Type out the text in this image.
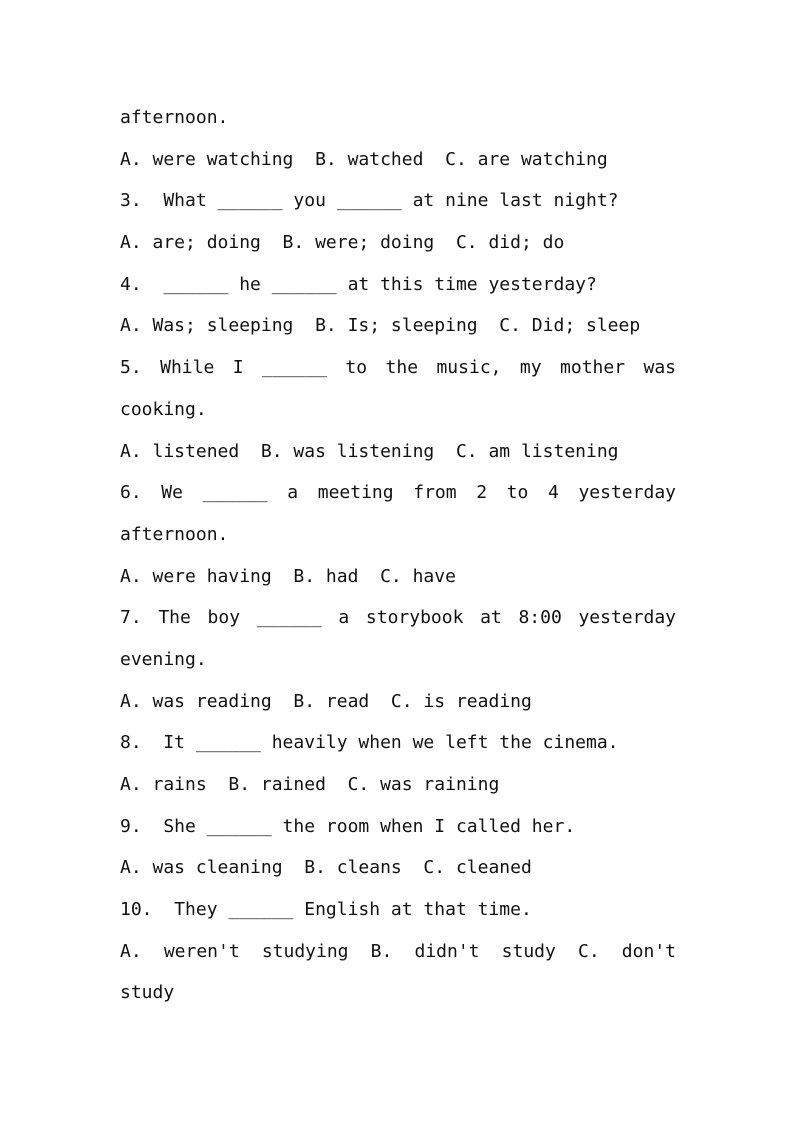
afternoon.
A. were watching  B. watched  C. are watching
3.  What ______ you ______ at nine last night?
A. are; doing  B. were; doing  C. did; do
4.  ______ he ______ at this time yesterday?
A. Was; sleeping  B. Is; sleeping  C. Did; sleep
5. While I ______ to the music, my mother was
cooking.
A. listened  B. was listening  C. am listening
6. We ______ a meeting from 2 to 4 yesterday
afternoon.
A. were having  B. had  C. have
7. The boy ______ a storybook at 8:00 yesterday
evening.
A. was reading  B. read  C. is reading
8.  It ______ heavily when we left the cinema.
A. rains  B. rained  C. was raining
9.  She ______ the room when I called her.
A. was cleaning  B. cleans  C. cleaned
10.  They ______ English at that time.
A. weren't studying B. didn't study C. don't
study
